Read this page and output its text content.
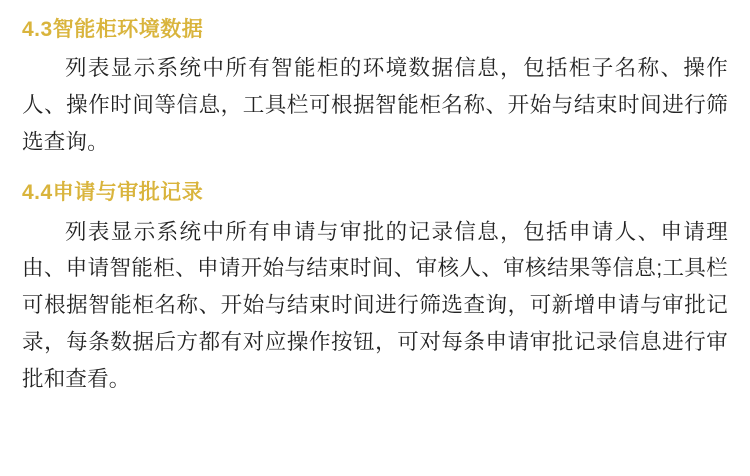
4.3智能柜环境数据

列表显示系统中所有智能柜的环境数据信息，包括柜子名称、操作人、操作时间等信息，工具栏可根据智能柜名称、开始与结束时间进行筛选查询。

4.4申请与审批记录

列表显示系统中所有申请与审批的记录信息，包括申请人、申请理由、申请智能柜、申请开始与结束时间、审核人、审核结果等信息;工具栏可根据智能柜名称、开始与结束时间进行筛选查询，可新增申请与审批记录，每条数据后方都有对应操作按钮，可对每条申请审批记录信息进行审批和查看。
